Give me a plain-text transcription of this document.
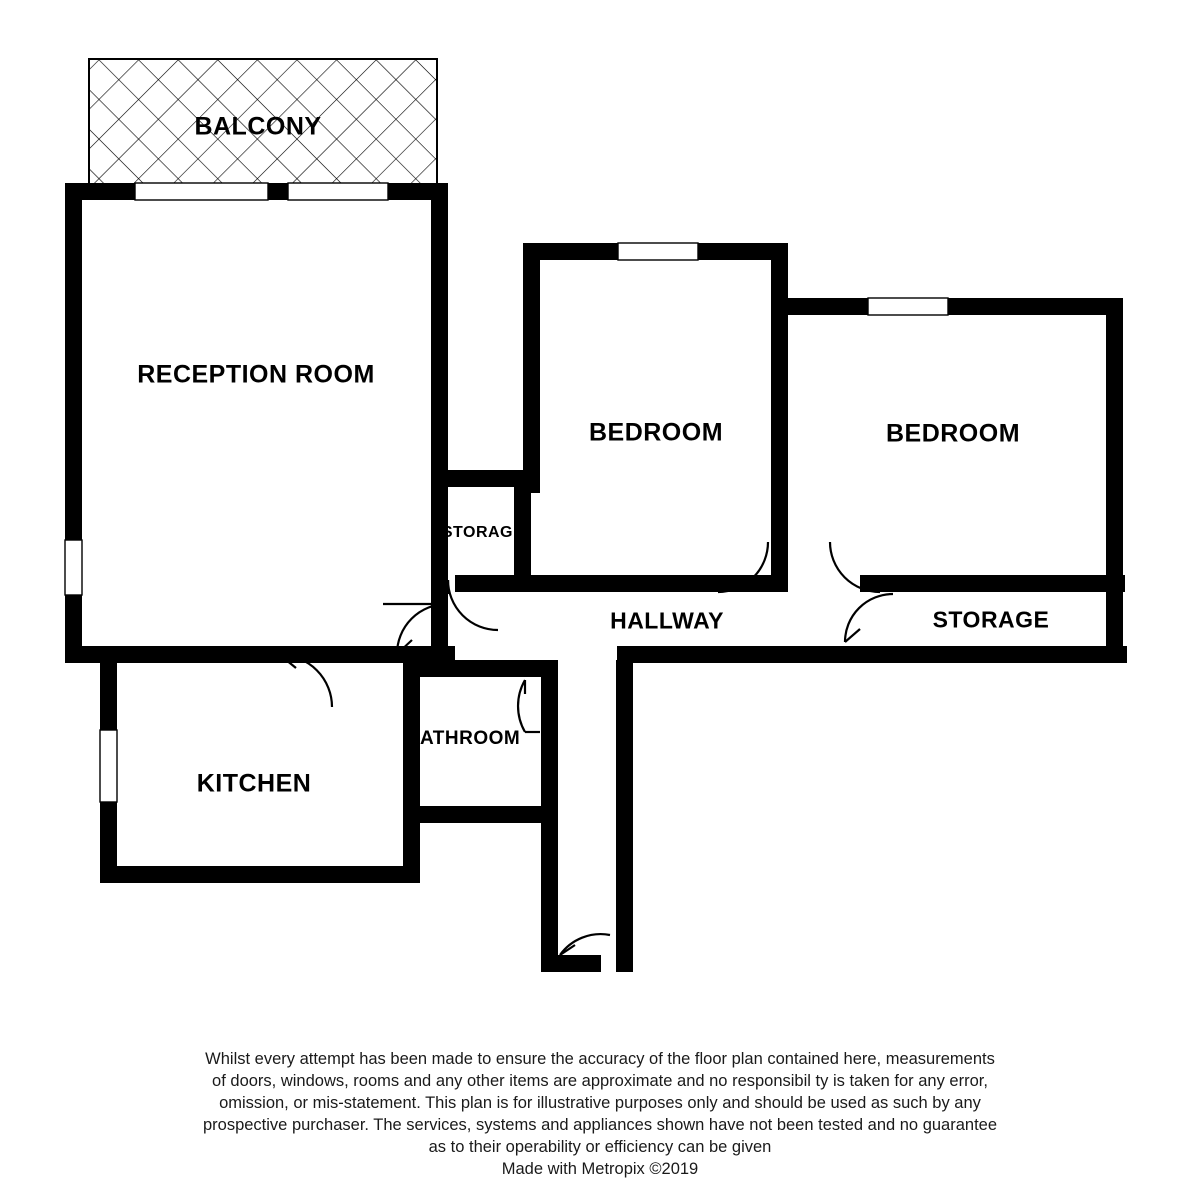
BALCONY
RECEPTION ROOM
BEDROOM	BEDROOM
STORAGE
HALLWAY	STORAGE
BATHROOM
KITCHEN

Whilst every attempt has been made to ensure the accuracy of the floor plan contained here, measurements

of doors, windows, rooms and any other items are approximate and no responsibil ty is taken for any error,

omission, or mis-statement. This plan is for illustrative purposes only and should be used as such by any

prospective purchaser. The services, systems and appliances shown have not been tested and no guarantee

as to their operability or efficiency can be given

Made with Metropix ©2019
